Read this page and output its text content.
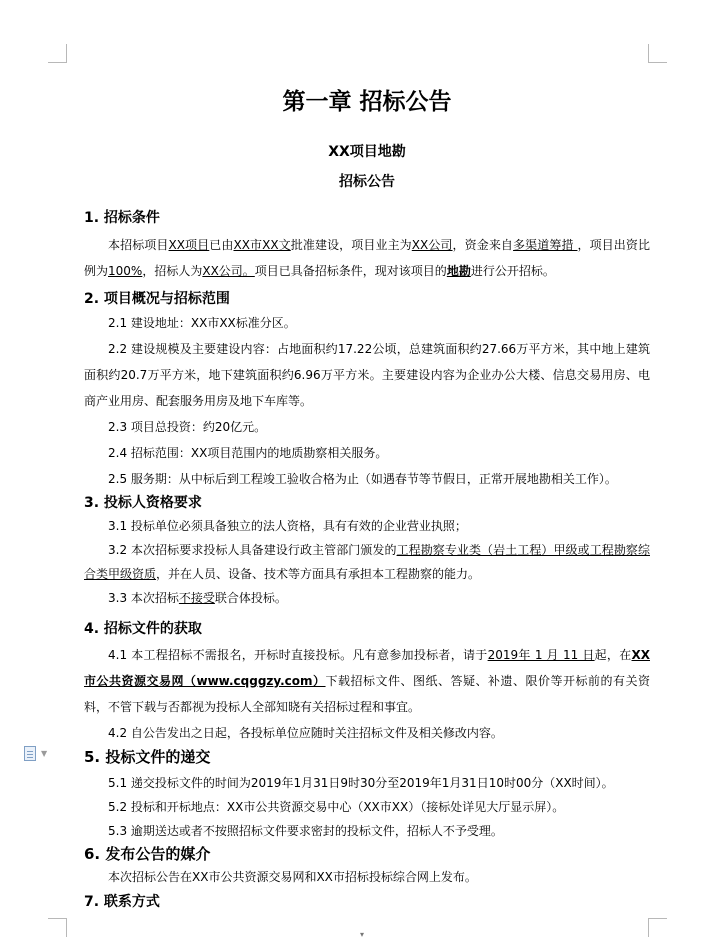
▼
▾
第一章 招标公告
XX项目地勘
招标公告
1. 招标条件
本招标项目XX项目已由XX市XX文批准建设，项目业主为XX公司，资金来自多渠道筹措 ，项目出资比例为100%，招标人为XX公司。项目已具备招标条件，现对该项目的地勘进行公开招标。
2. 项目概况与招标范围
2.1 建设地址：XX市XX标准分区。
2.2 建设规模及主要建设内容：占地面积约17.22公顷，总建筑面积约27.66万平方米，其中地上建筑面积约20.7万平方米，地下建筑面积约6.96万平方米。主要建设内容为企业办公大楼、信息交易用房、电商产业用房、配套服务用房及地下车库等。
2.3 项目总投资：约20亿元。
2.4 招标范围：XX项目范围内的地质勘察相关服务。
2.5 服务期：从中标后到工程竣工验收合格为止（如遇春节等节假日，正常开展地勘相关工作）。
3. 投标人资格要求
3.1 投标单位必须具备独立的法人资格，具有有效的企业营业执照；
3.2 本次招标要求投标人具备建设行政主管部门颁发的工程勘察专业类（岩土工程）甲级或工程勘察综合类甲级资质，并在人员、设备、技术等方面具有承担本工程勘察的能力。
3.3 本次招标不接受联合体投标。
4. 招标文件的获取
4.1 本工程招标不需报名，开标时直接投标。凡有意参加投标者，请于2019年 1 月 11 日起，在XX市公共资源交易网（www.cqggzy.com）下载招标文件、图纸、答疑、补遗、限价等开标前的有关资料，不管下载与否都视为投标人全部知晓有关招标过程和事宜。
4.2 自公告发出之日起，各投标单位应随时关注招标文件及相关修改内容。
5. 投标文件的递交
5.1 递交投标文件的时间为2019年1月31日9时30分至2019年1月31日10时00分（XX时间）。
5.2 投标和开标地点：XX市公共资源交易中心（XX市XX）（接标处详见大厅显示屏）。
5.3 逾期送达或者不按照招标文件要求密封的投标文件，招标人不予受理。
6. 发布公告的媒介
本次招标公告在XX市公共资源交易网和XX市招标投标综合网上发布。
7. 联系方式
